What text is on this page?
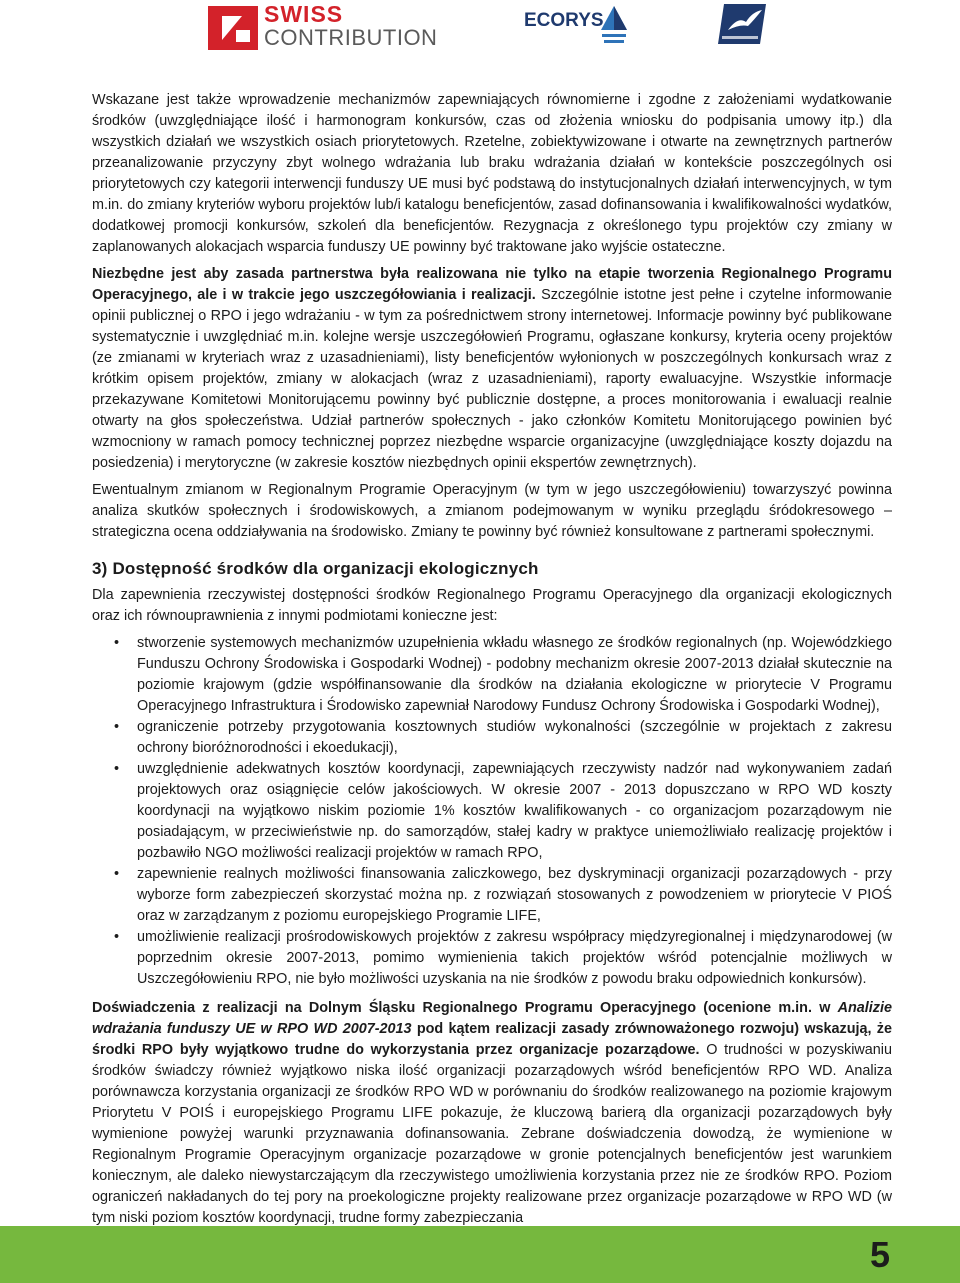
SWISS
CONTRIBUTION
ECORYS

Wskazane jest także wprowadzenie mechanizmów zapewniających równomierne i zgodne z założeniami wydatkowanie środków (uwzględniające ilość i harmonogram konkursów, czas od złożenia wniosku do podpisania umowy itp.) dla wszystkich działań we wszystkich osiach priorytetowych. Rzetelne, zobiektywizowane i otwarte na zewnętrznych partnerów przeanalizowanie przyczyny zbyt wolnego wdrażania lub braku wdrażania działań w kontekście poszczególnych osi priorytetowych czy kategorii interwencji funduszy UE musi być podstawą do instytucjonalnych działań interwencyjnych, w tym m.in. do zmiany kryteriów wyboru projektów lub/i katalogu beneficjentów, zasad dofinansowania i kwalifikowalności wydatków, dodatkowej promocji konkursów, szkoleń dla beneficjentów. Rezygnacja z określonego typu projektów czy zmiany w zaplanowanych alokacjach wsparcia funduszy UE powinny być traktowane jako wyjście ostateczne.

Niezbędne jest aby zasada partnerstwa była realizowana nie tylko na etapie tworzenia Regionalnego Programu Operacyjnego, ale i w trakcie jego uszczegółowiania i realizacji. Szczególnie istotne jest pełne i czytelne informowanie opinii publicznej o RPO i jego wdrażaniu - w tym za pośrednictwem strony internetowej. Informacje powinny być publikowane systematycznie i uwzględniać m.in. kolejne wersje uszczegółowień Programu, ogłaszane konkursy, kryteria oceny projektów (ze zmianami w kryteriach wraz z uzasadnieniami), listy beneficjentów wyłonionych w poszczególnych konkursach wraz z krótkim opisem projektów, zmiany w alokacjach (wraz z uzasadnieniami), raporty ewaluacyjne. Wszystkie informacje przekazywane Komitetowi Monitorującemu powinny być publicznie dostępne, a proces monitorowania i ewaluacji realnie otwarty na głos społeczeństwa. Udział partnerów społecznych - jako członków Komitetu Monitorującego powinien być wzmocniony w ramach pomocy technicznej poprzez niezbędne wsparcie organizacyjne (uwzględniające koszty dojazdu na posiedzenia) i merytoryczne (w zakresie kosztów niezbędnych opinii ekspertów zewnętrznych).

Ewentualnym zmianom w Regionalnym Programie Operacyjnym (w tym w jego uszczegółowieniu) towarzyszyć powinna analiza skutków społecznych i środowiskowych, a zmianom podejmowanym w wyniku przeglądu śródokresowego – strategiczna ocena oddziaływania na środowisko. Zmiany te powinny być również konsultowane z partnerami społecznymi.

3) Dostępność środków dla organizacji ekologicznych

Dla zapewnienia rzeczywistej dostępności środków Regionalnego Programu Operacyjnego dla organizacji ekologicznych oraz ich równouprawnienia z innymi podmiotami konieczne jest:

• stworzenie systemowych mechanizmów uzupełnienia wkładu własnego ze środków regionalnych (np. Wojewódzkiego Funduszu Ochrony Środowiska i Gospodarki Wodnej) - podobny mechanizm okresie 2007-2013 działał skutecznie na poziomie krajowym (gdzie współfinansowanie dla środków na działania ekologiczne w priorytecie V Programu Operacyjnego Infrastruktura i Środowisko zapewniał Narodowy Fundusz Ochrony Środowiska i Gospodarki Wodnej),
• ograniczenie potrzeby przygotowania kosztownych studiów wykonalności (szczególnie w projektach z zakresu ochrony bioróżnorodności i ekoedukacji),
• uwzględnienie adekwatnych kosztów koordynacji, zapewniających rzeczywisty nadzór nad wykonywaniem zadań projektowych oraz osiągnięcie celów jakościowych. W okresie 2007 - 2013 dopuszczano w RPO WD koszty koordynacji na wyjątkowo niskim poziomie 1% kosztów kwalifikowanych - co organizacjom pozarządowym nie posiadającym, w przeciwieństwie np. do samorządów, stałej kadry w praktyce uniemożliwiało realizację projektów i pozbawiło NGO możliwości realizacji projektów w ramach RPO,
• zapewnienie realnych możliwości finansowania zaliczkowego, bez dyskryminacji organizacji pozarządowych - przy wyborze form zabezpieczeń skorzystać można np. z rozwiązań stosowanych z powodzeniem w priorytecie V PIOŚ oraz w zarządzanym z poziomu europejskiego Programie LIFE,
• umożliwienie realizacji prośrodowiskowych projektów z zakresu współpracy międzyregionalnej i międzynarodowej (w poprzednim okresie 2007-2013, pomimo wymienienia takich projektów wśród potencjalnie możliwych w Uszczegółowieniu RPO, nie było możliwości uzyskania na nie środków z powodu braku odpowiednich konkursów).

Doświadczenia z realizacji na Dolnym Śląsku Regionalnego Programu Operacyjnego (ocenione m.in. w Analizie wdrażania funduszy UE w RPO WD 2007-2013 pod kątem realizacji zasady zrównoważonego rozwoju) wskazują, że środki RPO były wyjątkowo trudne do wykorzystania przez organizacje pozarządowe. O trudności w pozyskiwaniu środków świadczy również wyjątkowo niska ilość organizacji pozarządowych wśród beneficjentów RPO WD. Analiza porównawcza korzystania organizacji ze środków RPO WD w porównaniu do środków realizowanego na poziomie krajowym Priorytetu V POIŚ i europejskiego Programu LIFE pokazuje, że kluczową barierą dla organizacji pozarządowych były wymienione powyżej warunki przyznawania dofinansowania. Zebrane doświadczenia dowodzą, że wymienione w Regionalnym Programie Operacyjnym organizacje pozarządowe w gronie potencjalnych beneficjentów jest warunkiem koniecznym, ale daleko niewystarczającym dla rzeczywistego umożliwienia korzystania przez nie ze środków RPO. Poziom ograniczeń nakładanych do tej pory na proekologiczne projekty realizowane przez organizacje pozarządowe w RPO WD (w tym niski poziom kosztów koordynacji, trudne formy zabezpieczania

5
